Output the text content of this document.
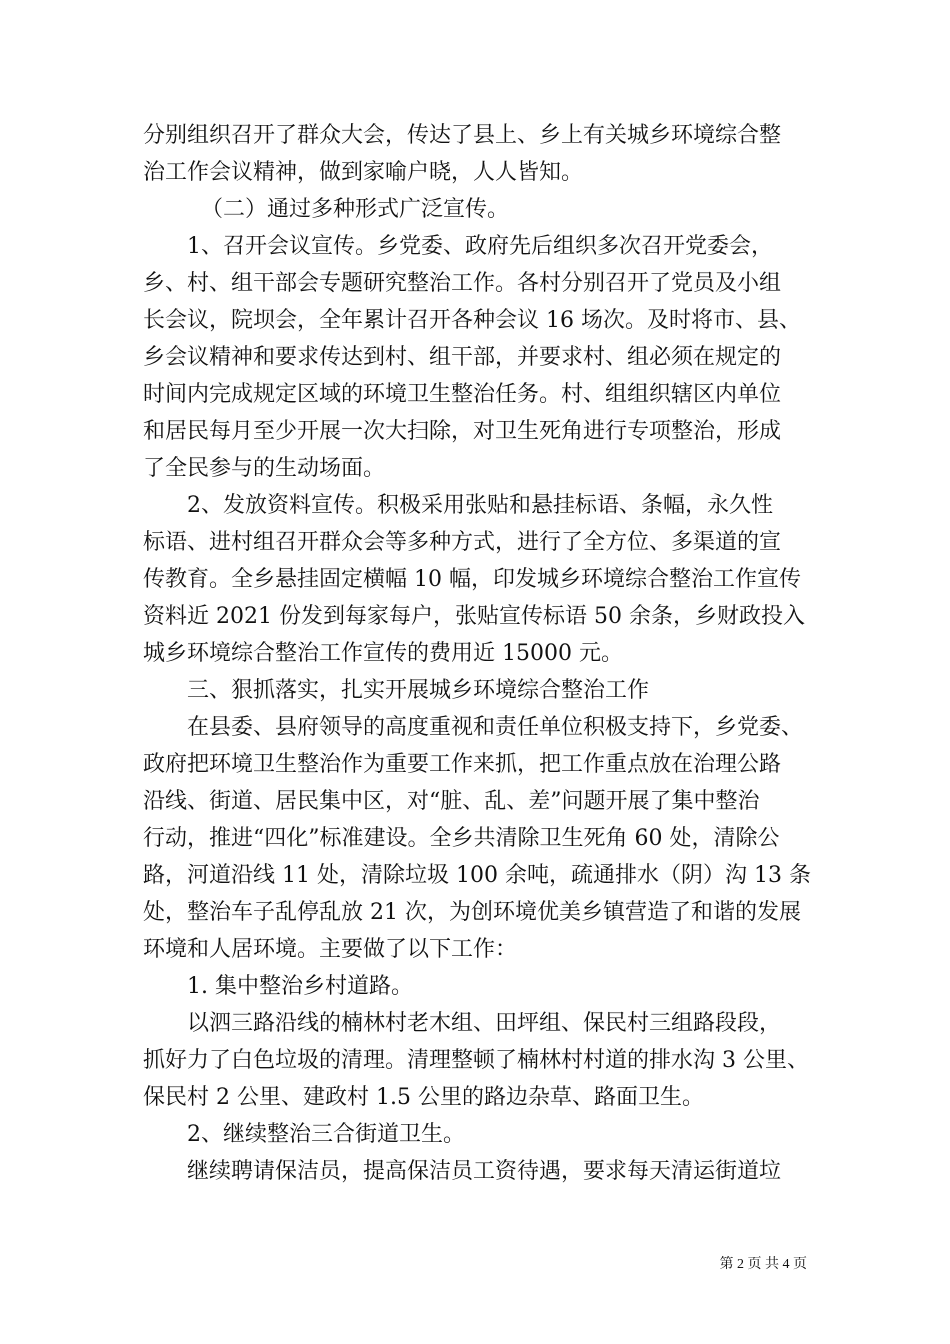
分别组织召开了群众大会，传达了县上、乡上有关城乡环境综合整
治工作会议精神，做到家喻户晓，人人皆知。
（二）通过多种形式广泛宣传。
1、召开会议宣传。乡党委、政府先后组织多次召开党委会，
乡、村、组干部会专题研究整治工作。各村分别召开了党员及小组
长会议，院坝会，全年累计召开各种会议 16 场次。及时将市、县、
乡会议精神和要求传达到村、组干部，并要求村、组必须在规定的
时间内完成规定区域的环境卫生整治任务。村、组组织辖区内单位
和居民每月至少开展一次大扫除，对卫生死角进行专项整治，形成
了全民参与的生动场面。
2、发放资料宣传。积极采用张贴和悬挂标语、条幅，永久性
标语、进村组召开群众会等多种方式，进行了全方位、多渠道的宣
传教育。全乡悬挂固定横幅 10 幅，印发城乡环境综合整治工作宣传
资料近 2021 份发到每家每户，张贴宣传标语 50 余条，乡财政投入
城乡环境综合整治工作宣传的费用近 15000 元。
三、狠抓落实，扎实开展城乡环境综合整治工作
在县委、县府领导的高度重视和责任单位积极支持下，乡党委、
政府把环境卫生整治作为重要工作来抓，把工作重点放在治理公路
沿线、街道、居民集中区，对“脏、乱、差”问题开展了集中整治
行动，推进“四化”标准建设。全乡共清除卫生死角 60 处，清除公
路，河道沿线 11 处，清除垃圾 100 余吨，疏通排水（阴）沟 13 条
处，整治车子乱停乱放 21 次，为创环境优美乡镇营造了和谐的发展
环境和人居环境。主要做了以下工作：
1. 集中整治乡村道路。
以泗三路沿线的楠林村老木组、田坪组、保民村三组路段段，
抓好力了白色垃圾的清理。清理整顿了楠林村村道的排水沟 3 公里、
保民村 2 公里、建政村 1.5 公里的路边杂草、路面卫生。
2、继续整治三合街道卫生。
继续聘请保洁员，提高保洁员工资待遇，要求每天清运街道垃
第 2 页 共 4 页
